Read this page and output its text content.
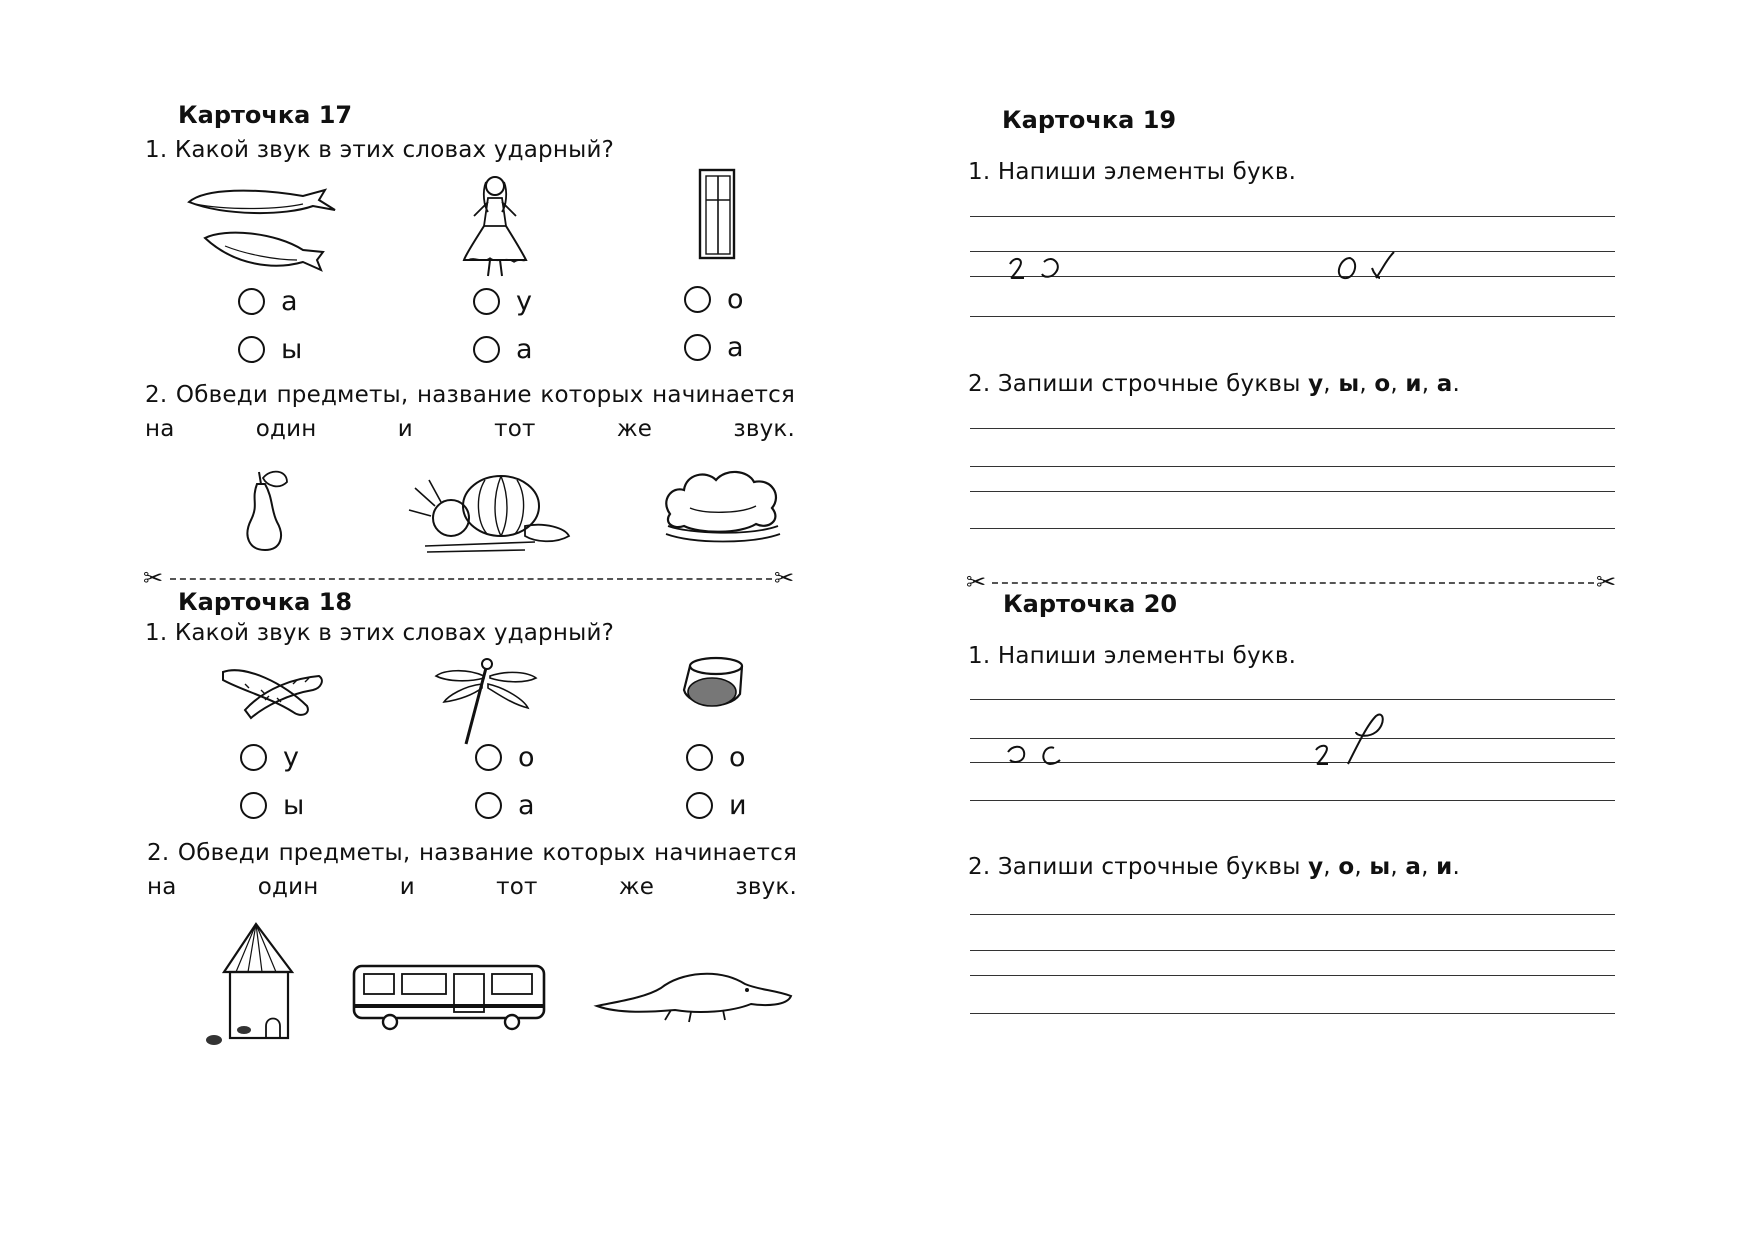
Карточка 17
1. Какой звук в этих словах ударный?
а
ы
у
а
о
а
2. Обведи предметы, название которых начинается на один и тот же звук.
✂	✂
Карточка 18
1. Какой звук в этих словах ударный?
у
ы
о
а
о
и
2. Обведи предметы, название которых начинается на один и тот же звук.
Карточка 19
1. Напиши элементы букв.
2. Запиши строчные буквы у, ы, о, и, а.
✂	✂
Карточка 20
1. Напиши элементы букв.
2. Запиши строчные буквы у, о, ы, а, и.
